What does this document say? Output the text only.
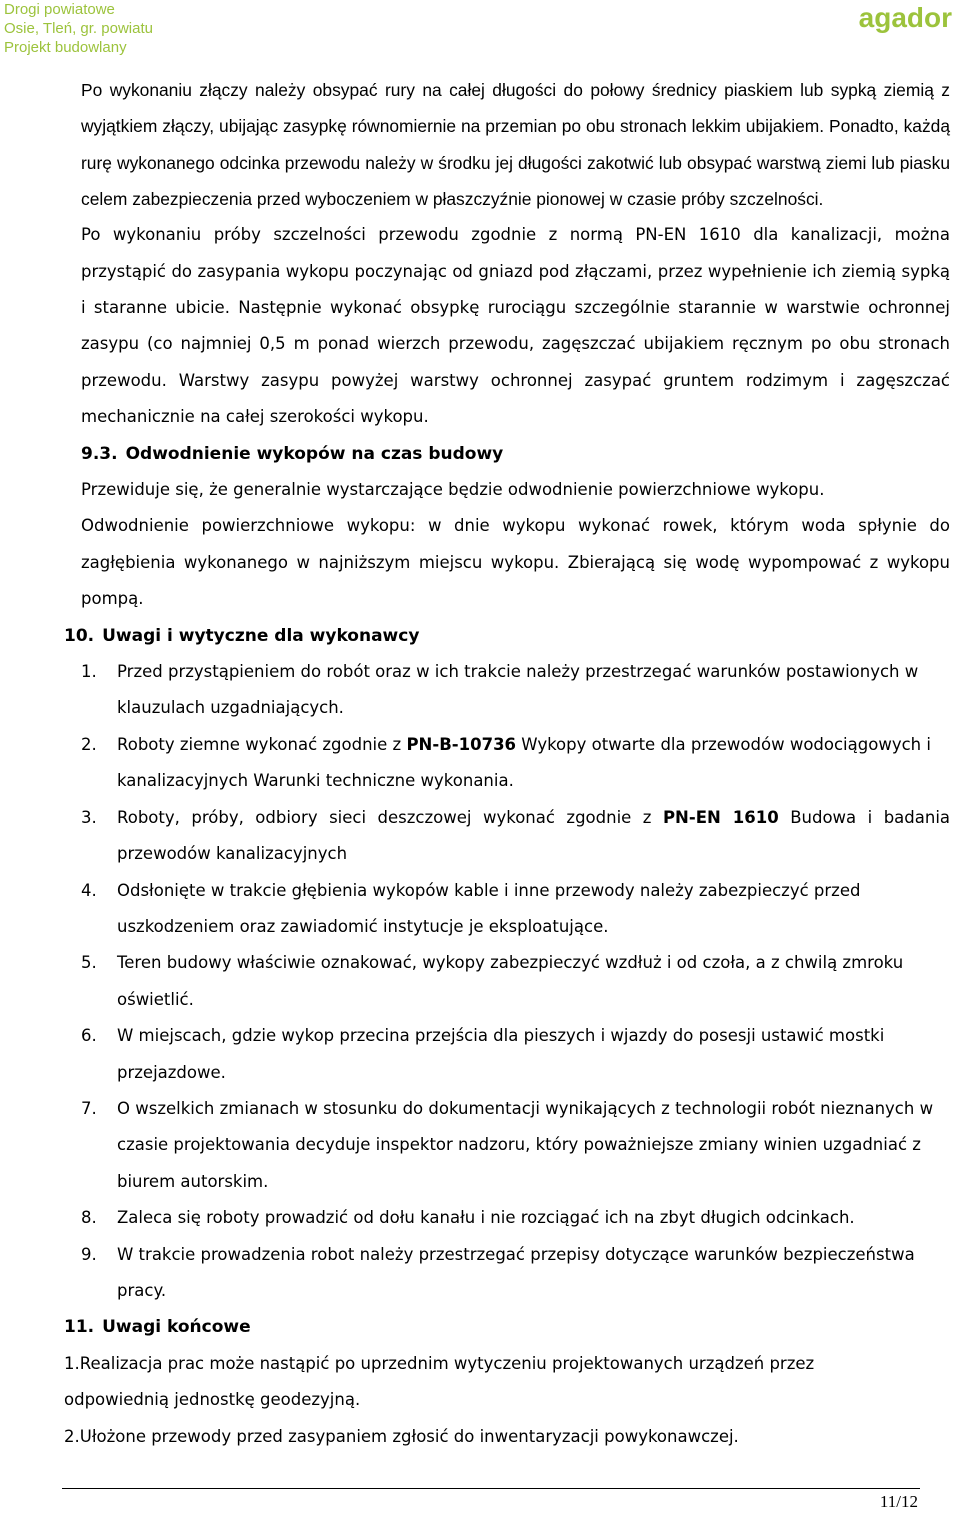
Drogi powiatowe
Osie, Tleń, gr. powiatu
Projekt budowlany
agador

Po wykonaniu złączy należy obsypać rury na całej długości do połowy średnicy piaskiem lub sypką ziemią z wyjątkiem złączy, ubijając zasypkę równomiernie na przemian po obu stronach lekkim ubijakiem. Ponadto, każdą rurę wykonanego odcinka przewodu należy w środku jej długości zakotwić lub obsypać warstwą ziemi lub piasku celem zabezpieczenia przed wyboczeniem w płaszczyźnie pionowej w czasie próby szczelności.

Po wykonaniu próby szczelności przewodu zgodnie z normą PN-EN 1610 dla kanalizacji, można przystąpić do zasypania wykopu poczynając od gniazd pod złączami, przez wypełnienie ich ziemią sypką i staranne ubicie. Następnie wykonać obsypkę rurociągu szczególnie starannie w warstwie ochronnej zasypu (co najmniej 0,5 m ponad wierzch przewodu, zagęszczać ubijakiem ręcznym po obu stronach przewodu. Warstwy zasypu powyżej warstwy ochronnej zasypać gruntem rodzimym i zagęszczać mechanicznie na całej szerokości wykopu.

9.3. Odwodnienie wykopów na czas budowy

Przewiduje się, że generalnie wystarczające będzie odwodnienie powierzchniowe wykopu.

Odwodnienie powierzchniowe wykopu: w dnie wykopu wykonać rowek, którym woda spłynie do zagłębienia wykonanego w najniższym miejscu wykopu. Zbierającą się wodę wypompować z wykopu pompą.

10. Uwagi i wytyczne dla wykonawcy
1. Przed przystąpieniem do robót oraz w ich trakcie należy przestrzegać warunków postawionych w klauzulach uzgadniających.
2. Roboty ziemne wykonać zgodnie z PN-B-10736 Wykopy otwarte dla przewodów wodociągowych i kanalizacyjnych Warunki techniczne wykonania.
3. Roboty, próby, odbiory sieci deszczowej wykonać zgodnie z PN-EN 1610 Budowa i badania przewodów kanalizacyjnych
4. Odsłonięte w trakcie głębienia wykopów kable i inne przewody należy zabezpieczyć przed uszkodzeniem oraz zawiadomić instytucje je eksploatujące.
5. Teren budowy właściwie oznakować, wykopy zabezpieczyć wzdłuż i od czoła, a z chwilą zmroku oświetlić.
6. W miejscach, gdzie wykop przecina przejścia dla pieszych i wjazdy do posesji ustawić mostki przejazdowe.
7. O wszelkich zmianach w stosunku do dokumentacji wynikających z technologii robót nieznanych w czasie projektowania decyduje inspektor nadzoru, który poważniejsze zmiany winien uzgadniać z biurem autorskim.
8. Zaleca się roboty prowadzić od dołu kanału i nie rozciągać ich na zbyt długich odcinkach.
9. W trakcie prowadzenia robot należy przestrzegać przepisy dotyczące warunków bezpieczeństwa pracy.
11. Uwagi końcowe

1.Realizacja prac może nastąpić po uprzednim wytyczeniu projektowanych urządzeń przez odpowiednią jednostkę geodezyjną.

2.Ułożone przewody przed zasypaniem zgłosić do inwentaryzacji powykonawczej.

11/12
